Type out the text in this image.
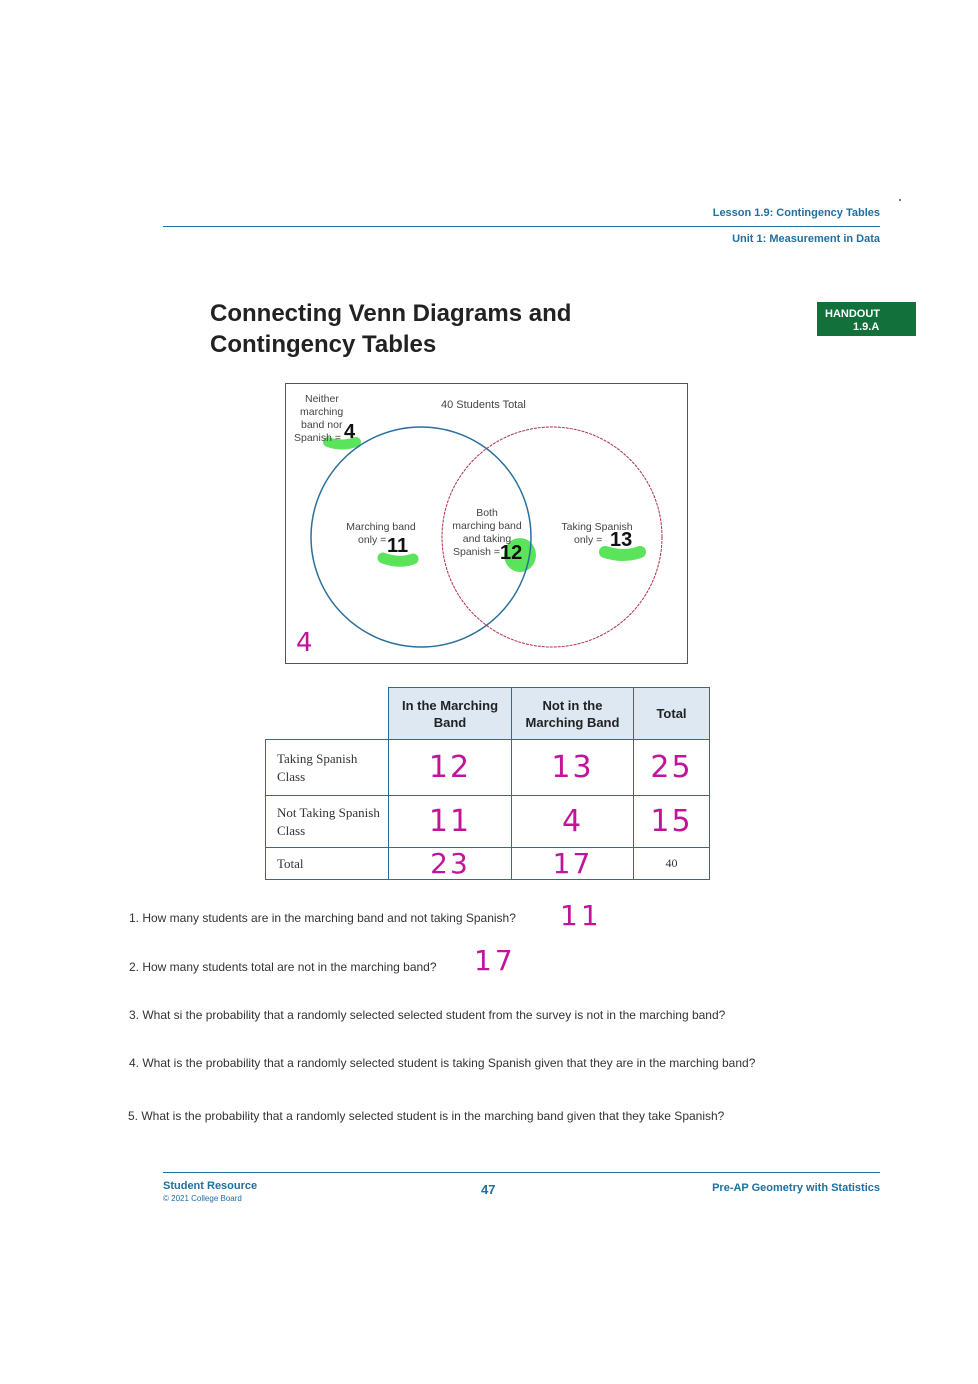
Lesson 1.9: Contingency Tables
Unit 1: Measurement in Data
Connecting Venn Diagrams and
Contingency Tables
HANDOUT
1.9.A
40 Students Total
Neither
marching
band nor
Spanish = 4
Marching band
only = 11
Both
marching band
and taking
Spanish = 12
Taking Spanish
only = 13
4
	In the Marching Band	Not in the Marching Band	Total
Taking Spanish Class	12	13	25
Not Taking Spanish Class	11	4	15
Total	23	17	40
1. How many students are in the marching band and not taking Spanish? 11
2. How many students total are not in the marching band? 17
3. What si the probability that a randomly selected selected student from the survey is not in the marching band?
4. What is the probability that a randomly selected student is taking Spanish given that they are in the marching band?
5. What is the probability that a randomly selected student is in the marching band given that they take Spanish?
Student Resource
© 2021 College Board
47	Pre-AP Geometry with Statistics
